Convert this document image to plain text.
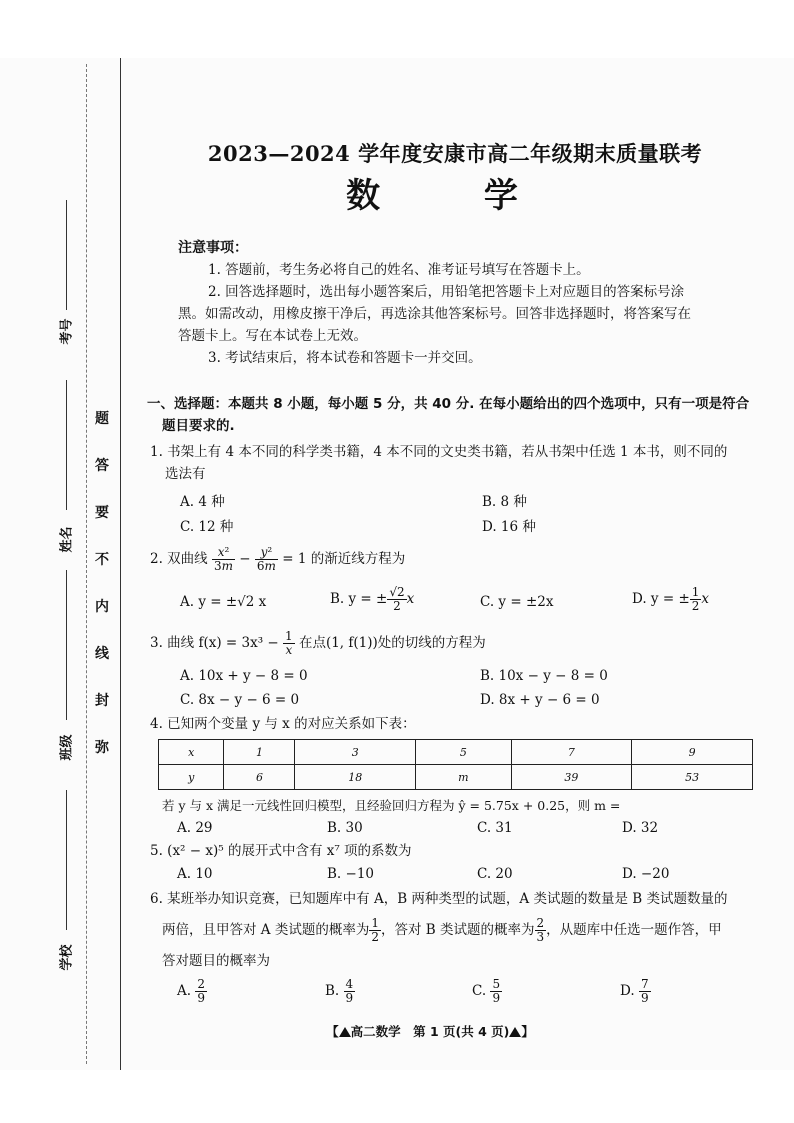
考号
姓名
班级
学校
题
答
要
不
内
线
封
弥
2023—2024 学年度安康市高二年级期末质量联考
数 学
注意事项：
1. 答题前，考生务必将自己的姓名、准考证号填写在答题卡上。
2. 回答选择题时，选出每小题答案后，用铅笔把答题卡上对应题目的答案标号涂
黑。如需改动，用橡皮擦干净后，再选涂其他答案标号。回答非选择题时，将答案写在
答题卡上。写在本试卷上无效。
3. 考试结束后，将本试卷和答题卡一并交回。
一、选择题：本题共 8 小题，每小题 5 分，共 40 分. 在每小题给出的四个选项中，只有一项是符合
题目要求的.
1. 书架上有 4 本不同的科学类书籍，4 本不同的文史类书籍，若从书架中任选 1 本书，则不同的
选法有
A. 4 种	B. 8 种
C. 12 种	D. 16 种
2. 双曲线 $\frac{\text{x²}}{3m} - \frac{\text{y²}}{6m} = 1$ 的渐近线方程为
A. y = ±√2 x	B. y = ± $\frac{√2}{2}$ x	C. y = ±2x	D. y = ± $\frac{1}{2}$ x
3. 曲线 $f(x) = 3x^3 - \frac{1}{x}$ 在点(1, f(1))处的切线的方程为
A. 10x + y − 8 = 0	B. 10x − y − 8 = 0
C. 8x − y − 6 = 0	D. 8x + y − 6 = 0
4. 已知两个变量 y 与 x 的对应关系如下表：
x	1	3	5	7	9
y	6	18	m	39	53
若 y 与 x 满足一元线性回归模型，且经验回归方程为 ŷ = 5.75x + 0.25，则 m =
A. 29	B. 30	C. 31	D. 32
5. (x² − x)⁵ 的展开式中含有 x⁷ 项的系数为
A. 10	B. −10	C. 20	D. −20
6. 某班举办知识竞赛，已知题库中有 A，B 两种类型的试题，A 类试题的数量是 B 类试题数量的
两倍，且甲答对 A 类试题的概率为 $\frac{1}{2}$ ，答对 B 类试题的概率为 $\frac{2}{3}$ ，从题库中任选一题作答，甲
答对题目的概率为
A. $\frac{2}{9}$	B. $\frac{4}{9}$	C. $\frac{5}{9}$	D. $\frac{7}{9}$
【 高二数学　第 1 页(共 4 页) 】
